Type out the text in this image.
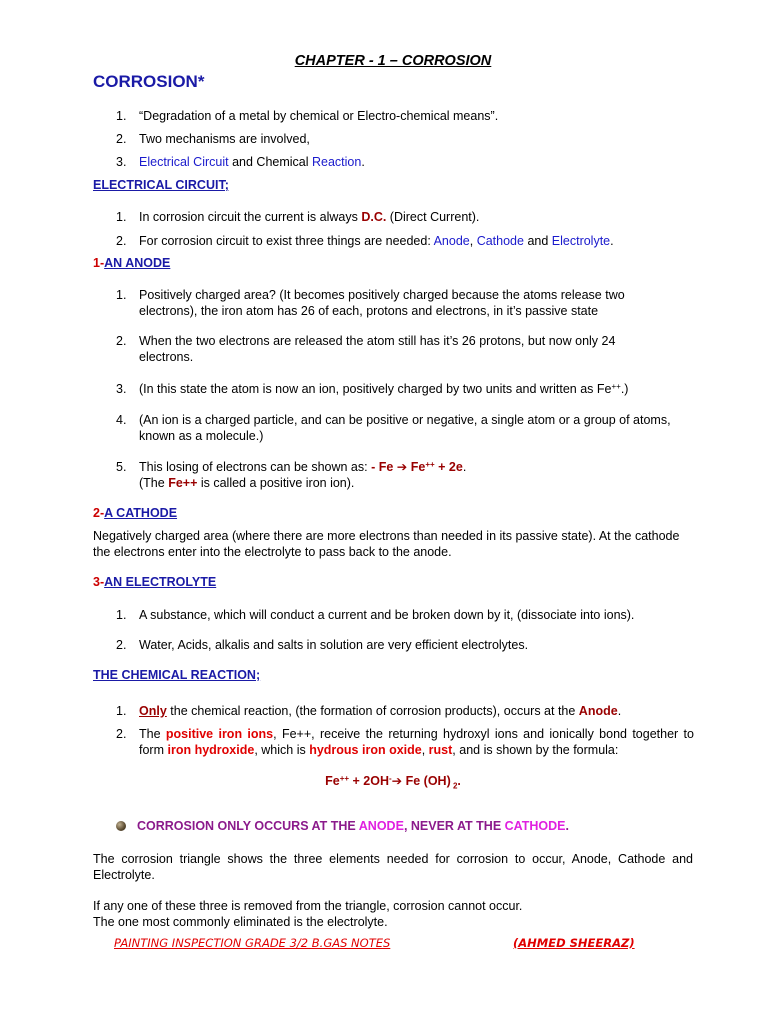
CHAPTER - 1 – CORROSION
CORROSION*
1. “Degradation of a metal by chemical or Electro-chemical means”.
2. Two mechanisms are involved,
3. Electrical Circuit and Chemical Reaction.
ELECTRICAL CIRCUIT;
1. In corrosion circuit the current is always D.C. (Direct Current).
2. For corrosion circuit to exist three things are needed: Anode, Cathode and Electrolyte.
1-AN ANODE
1. Positively charged area? (It becomes positively charged because the atoms release two electrons), the iron atom has 26 of each, protons and electrons, in it’s passive state
2. When the two electrons are released the atom still has it’s 26 protons, but now only 24 electrons.
3. (In this state the atom is now an ion, positively charged by two units and written as Fe++.)
4. (An ion is a charged particle, and can be positive or negative, a single atom or a group of atoms, known as a molecule.)
5. This losing of electrons can be shown as: - Fe ➔ Fe++ + 2e.
(The Fe++ is called a positive iron ion).
2-A CATHODE
Negatively charged area (where there are more electrons than needed in its passive state). At the cathode the electrons enter into the electrolyte to pass back to the anode.
3-AN ELECTROLYTE
1. A substance, which will conduct a current and be broken down by it, (dissociate into ions).
2. Water, Acids, alkalis and salts in solution are very efficient electrolytes.
THE CHEMICAL REACTION;
1. Only the chemical reaction, (the formation of corrosion products), occurs at the Anode.
2. The positive iron ions, Fe++, receive the returning hydroxyl ions and ionically bond together to form iron hydroxide, which is hydrous iron oxide, rust, and is shown by the formula:
Fe++ + 2OH-➔ Fe (OH) $_2$.
CORROSION ONLY OCCURS AT THE ANODE, NEVER AT THE CATHODE.
The corrosion triangle shows the three elements needed for corrosion to occur, Anode, Cathode and Electrolyte.
If any one of these three is removed from the triangle, corrosion cannot occur.
The one most commonly eliminated is the electrolyte.
PAINTING INSPECTION GRADE 3/2 B.GAS NOTES	(AHMED SHEERAZ)
